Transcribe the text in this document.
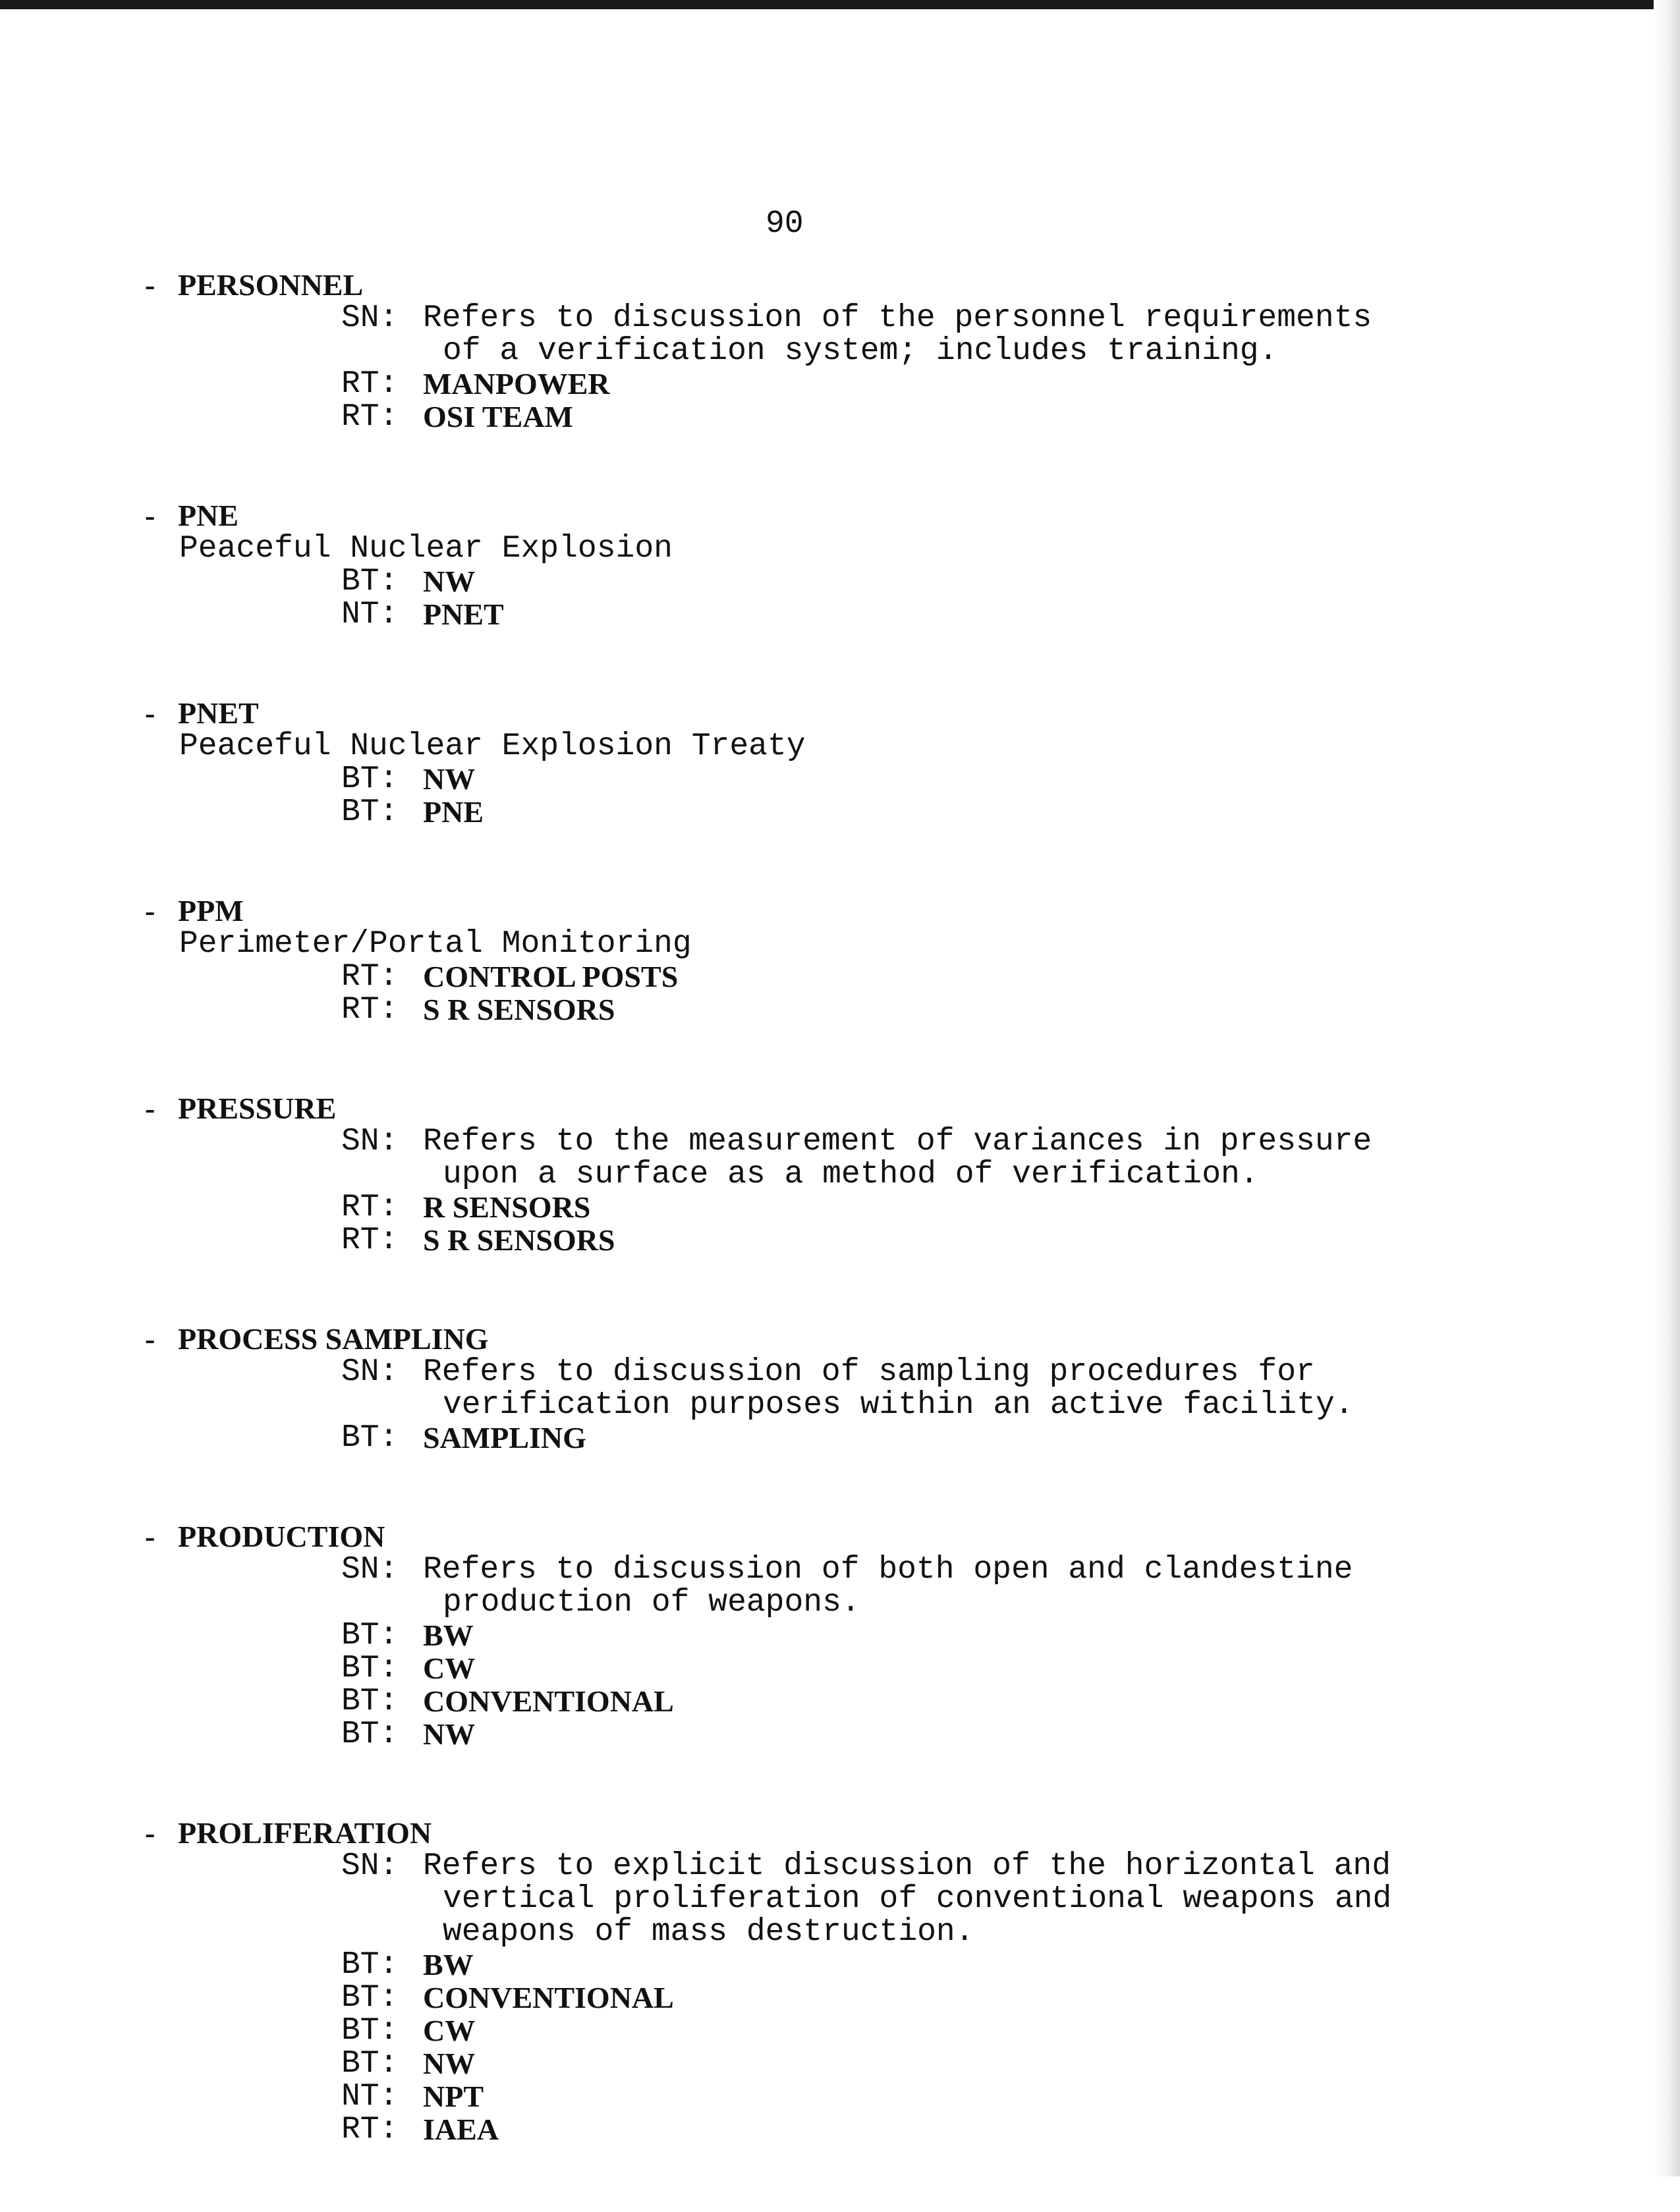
90
- PERSONNEL
SN: Refers to discussion of the personnel requirements
of a verification system; includes training.
RT: MANPOWER
RT: OSI TEAM
- PNE
Peaceful Nuclear Explosion
BT: NW
NT: PNET
- PNET
Peaceful Nuclear Explosion Treaty
BT: NW
BT: PNE
- PPM
Perimeter/Portal Monitoring
RT: CONTROL POSTS
RT: S R SENSORS
- PRESSURE
SN: Refers to the measurement of variances in pressure
upon a surface as a method of verification.
RT: R SENSORS
RT: S R SENSORS
- PROCESS SAMPLING
SN: Refers to discussion of sampling procedures for
verification purposes within an active facility.
BT: SAMPLING
- PRODUCTION
SN: Refers to discussion of both open and clandestine
production of weapons.
BT: BW
BT: CW
BT: CONVENTIONAL
BT: NW
- PROLIFERATION
SN: Refers to explicit discussion of the horizontal and
vertical proliferation of conventional weapons and
weapons of mass destruction.
BT: BW
BT: CONVENTIONAL
BT: CW
BT: NW
NT: NPT
RT: IAEA
